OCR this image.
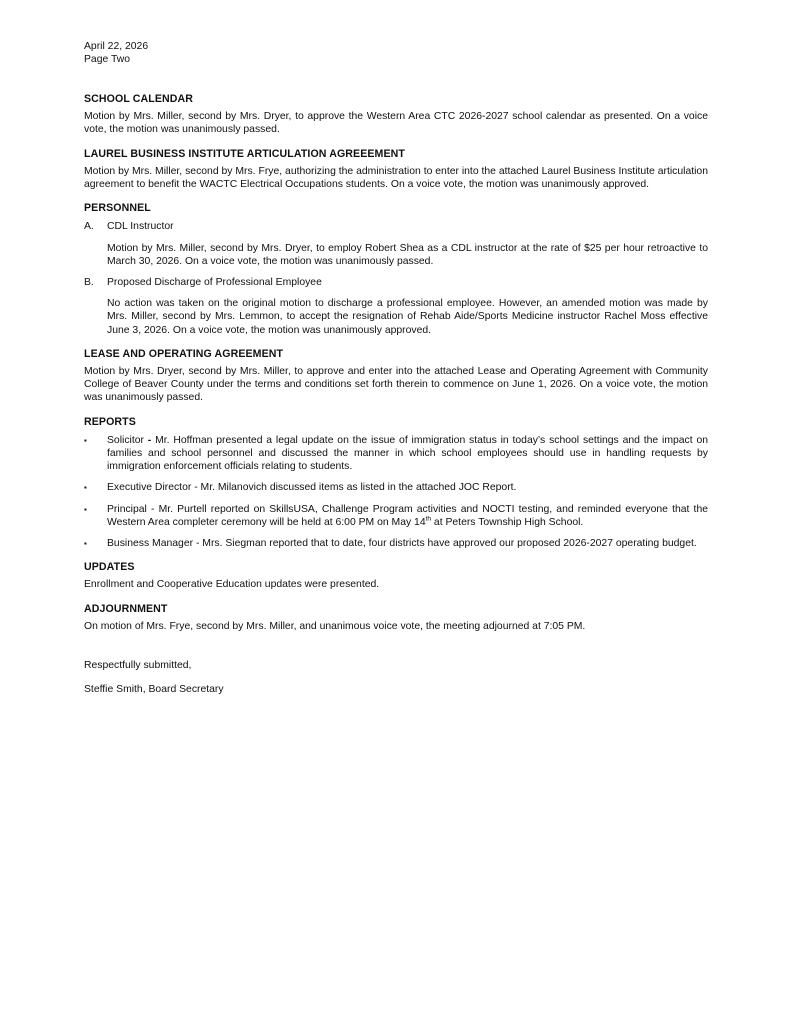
April 22, 2026

Page Two

SCHOOL CALENDAR

Motion by Mrs. Miller, second by Mrs. Dryer, to approve the Western Area CTC 2026-2027 school calendar as presented. On a voice vote, the motion was unanimously passed.

LAUREL BUSINESS INSTITUTE ARTICULATION AGREEEMENT

Motion by Mrs. Miller, second by Mrs. Frye, authorizing the administration to enter into the attached Laurel Business Institute articulation agreement to benefit the WACTC Electrical Occupations students. On a voice vote, the motion was unanimously approved.

PERSONNEL

A.	CDL Instructor

Motion by Mrs. Miller, second by Mrs. Dryer, to employ Robert Shea as a CDL instructor at the rate of $25 per hour retroactive to March 30, 2026. On a voice vote, the motion was unanimously passed.

B.	Proposed Discharge of Professional Employee

No action was taken on the original motion to discharge a professional employee. However, an amended motion was made by Mrs. Miller, second by Mrs. Lemmon, to accept the resignation of Rehab Aide/Sports Medicine instructor Rachel Moss effective June 3, 2026. On a voice vote, the motion was unanimously approved.

LEASE AND OPERATING AGREEMENT

Motion by Mrs. Dryer, second by Mrs. Miller, to approve and enter into the attached Lease and Operating Agreement with Community College of Beaver County under the terms and conditions set forth therein to commence on June 1, 2026. On a voice vote, the motion was unanimously passed.

REPORTS

▪	Solicitor - Mr. Hoffman presented a legal update on the issue of immigration status in today’s school settings and the impact on families and school personnel and discussed the manner in which school employees should use in handling requests by immigration enforcement officials relating to students.
▪	Executive Director - Mr. Milanovich discussed items as listed in the attached JOC Report.
▪	Principal - Mr. Purtell reported on SkillsUSA, Challenge Program activities and NOCTI testing, and reminded everyone that the Western Area completer ceremony will be held at 6:00 PM on May 14th at Peters Township High School.
▪	Business Manager - Mrs. Siegman reported that to date, four districts have approved our proposed 2026-2027 operating budget.

UPDATES

Enrollment and Cooperative Education updates were presented.

ADJOURNMENT

On motion of Mrs. Frye, second by Mrs. Miller, and unanimous voice vote, the meeting adjourned at 7:05 PM.

Respectfully submitted,

Steffie Smith, Board Secretary
